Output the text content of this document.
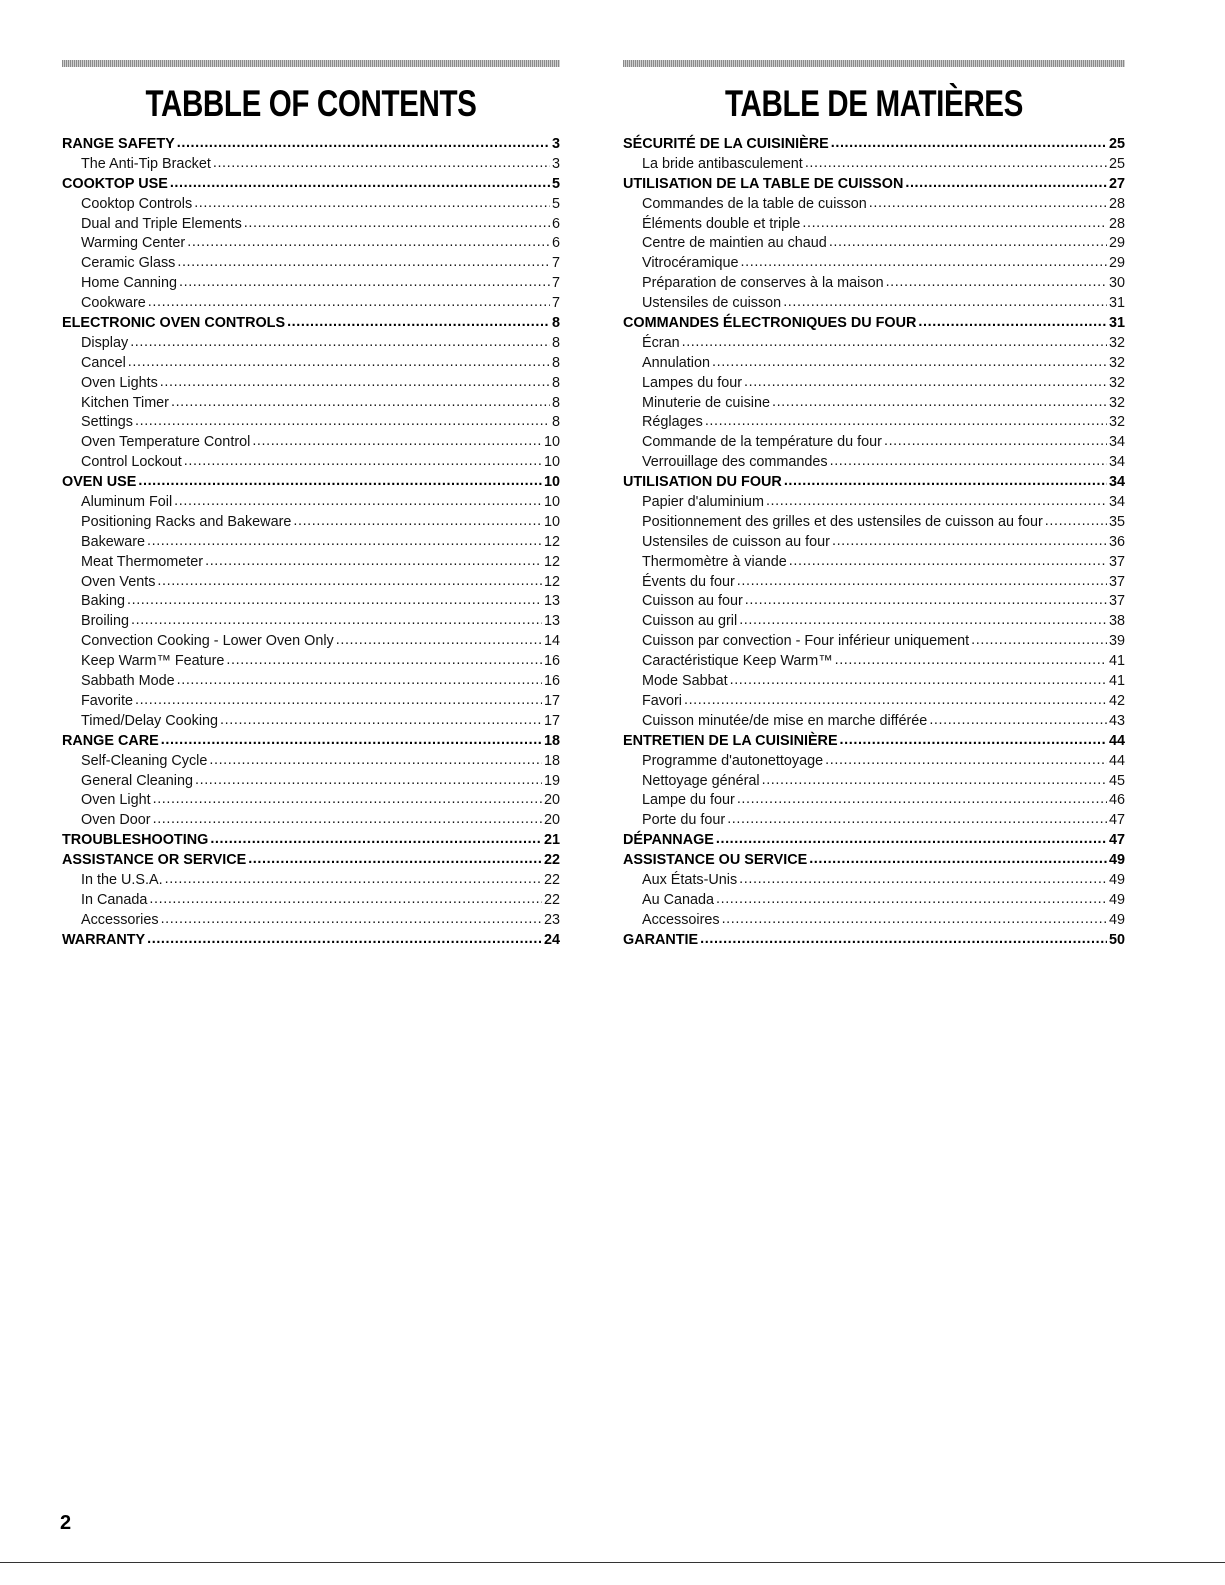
TABBLE OF CONTENTS
RANGE SAFETY .....	3
The Anti-Tip Bracket .....	3
COOKTOP USE .....	5
Cooktop Controls .....	5
Dual and Triple Elements .....	6
Warming Center .....	6
Ceramic Glass .....	7
Home Canning .....	7
Cookware .....	7
ELECTRONIC OVEN CONTROLS .....	8
Display .....	8
Cancel .....	8
Oven Lights .....	8
Kitchen Timer .....	8
Settings .....	8
Oven Temperature Control .....	10
Control Lockout .....	10
OVEN USE .....	10
Aluminum Foil .....	10
Positioning Racks and Bakeware .....	10
Bakeware .....	12
Meat Thermometer .....	12
Oven Vents .....	12
Baking .....	13
Broiling .....	13
Convection Cooking - Lower Oven Only .....	14
Keep Warm™ Feature .....	16
Sabbath Mode .....	16
Favorite .....	17
Timed/Delay Cooking .....	17
RANGE CARE .....	18
Self-Cleaning Cycle .....	18
General Cleaning .....	19
Oven Light .....	20
Oven Door .....	20
TROUBLESHOOTING .....	21
ASSISTANCE OR SERVICE .....	22
In the U.S.A. .....	22
In Canada .....	22
Accessories .....	23
WARRANTY .....	24
TABLE DE MATIÈRES
SÉCURITÉ DE LA CUISINIÈRE .....	25
La bride antibasculement .....	25
UTILISATION DE LA TABLE DE CUISSON .....	27
Commandes de la table de cuisson .....	28
Éléments double et triple .....	28
Centre de maintien au chaud .....	29
Vitrocéramique .....	29
Préparation de conserves à la maison .....	30
Ustensiles de cuisson .....	31
COMMANDES ÉLECTRONIQUES DU FOUR .....	31
Écran .....	32
Annulation .....	32
Lampes du four .....	32
Minuterie de cuisine .....	32
Réglages .....	32
Commande de la température du four .....	34
Verrouillage des commandes .....	34
UTILISATION DU FOUR .....	34
Papier d'aluminium .....	34
Positionnement des grilles et des ustensiles de cuisson au four .....	35
Ustensiles de cuisson au four .....	36
Thermomètre à viande .....	37
Évents du four .....	37
Cuisson au four .....	37
Cuisson au gril .....	38
Cuisson par convection - Four inférieur uniquement .....	39
Caractéristique Keep Warm™ .....	41
Mode Sabbat .....	41
Favori .....	42
Cuisson minutée/de mise en marche différée .....	43
ENTRETIEN DE LA CUISINIÈRE .....	44
Programme d'autonettoyage .....	44
Nettoyage général .....	45
Lampe du four .....	46
Porte du four .....	47
DÉPANNAGE .....	47
ASSISTANCE OU SERVICE .....	49
Aux États-Unis .....	49
Au Canada .....	49
Accessoires .....	49
GARANTIE .....	50
2
